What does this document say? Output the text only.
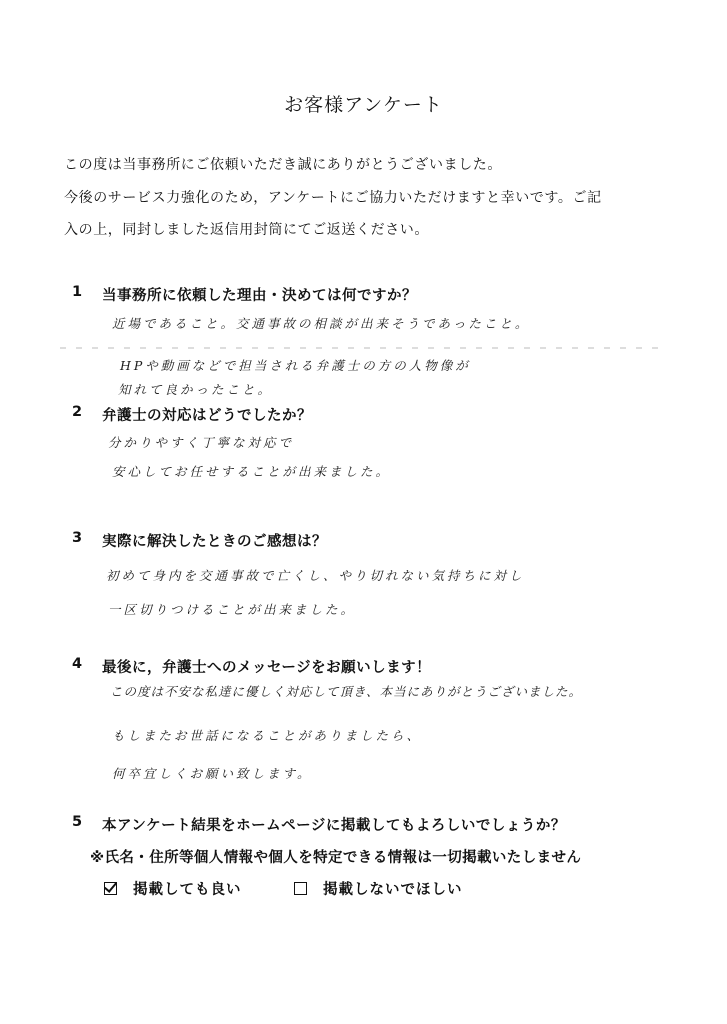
お客様アンケート
この度は当事務所にご依頼いただき誠にありがとうございました。
今後のサービス力強化のため，アンケートにご協力いただけますと幸いです。ご記
入の上，同封しました返信用封筒にてご返送ください。
1 当事務所に依頼した理由・決めては何ですか？
近場であること。交通事故の相談が出来そうであったこと。
HPや動画などで担当される弁護士の方の人物像が
知れて良かったこと。
2 弁護士の対応はどうでしたか？
分かりやすく丁寧な対応で
安心してお任せすることが出来ました。
3 実際に解決したときのご感想は？
初めて身内を交通事故で亡くし、やり切れない気持ちに対し
一区切りつけることが出来ました。
4 最後に，弁護士へのメッセージをお願いします！
この度は不安な私達に優しく対応して頂き、本当にありがとうございました。
もしまたお世話になることがありましたら、
何卒宜しくお願い致します。
5 本アンケート結果をホームページに掲載してもよろしいでしょうか？
※氏名・住所等個人情報や個人を特定できる情報は一切掲載いたしません
掲載しても良い	掲載しないでほしい
